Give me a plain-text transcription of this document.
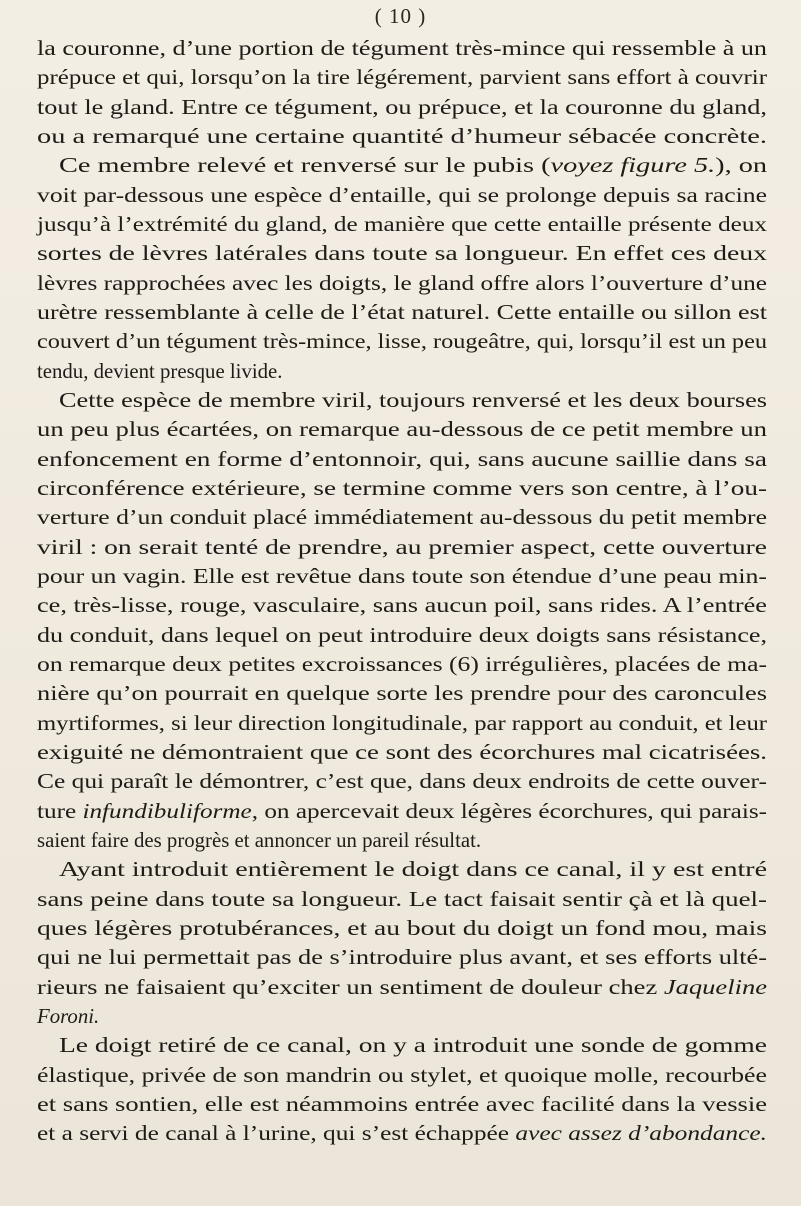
( 10 )
la couronne, d’une portion de tégument très-mince qui ressemble à un
prépuce et qui, lorsqu’on la tire légérement, parvient sans effort à couvrir
tout le gland. Entre ce tégument, ou prépuce, et la couronne du gland,
ou a remarqué une certaine quantité d’humeur sébacée concrète.
Ce membre relevé et renversé sur le pubis (voyez figure 5.), on
voit par-dessous une espèce d’entaille, qui se prolonge depuis sa racine
jusqu’à l’extrémité du gland, de manière que cette entaille présente deux
sortes de lèvres latérales dans toute sa longueur. En effet ces deux
lèvres rapprochées avec les doigts, le gland offre alors l’ouverture d’une
urètre ressemblante à celle de l’état naturel. Cette entaille ou sillon est
couvert d’un tégument très-mince, lisse, rougeâtre, qui, lorsqu’il est un peu
tendu, devient presque livide.
Cette espèce de membre viril, toujours renversé et les deux bourses
un peu plus écartées, on remarque au-dessous de ce petit membre un
enfoncement en forme d’entonnoir, qui, sans aucune saillie dans sa
circonférence extérieure, se termine comme vers son centre, à l’ou-
verture d’un conduit placé immédiatement au-dessous du petit membre
viril : on serait tenté de prendre, au premier aspect, cette ouverture
pour un vagin. Elle est revêtue dans toute son étendue d’une peau min-
ce, très-lisse, rouge, vasculaire, sans aucun poil, sans rides. A l’entrée
du conduit, dans lequel on peut introduire deux doigts sans résistance,
on remarque deux petites excroissances (6) irrégulières, placées de ma-
nière qu’on pourrait en quelque sorte les prendre pour des caroncules
myrtiformes, si leur direction longitudinale, par rapport au conduit, et leur
exiguité ne démontraient que ce sont des écorchures mal cicatrisées.
Ce qui paraît le démontrer, c’est que, dans deux endroits de cette ouver-
ture infundibuliforme, on apercevait deux légères écorchures, qui parais-
saient faire des progrès et annoncer un pareil résultat.
Ayant introduit entièrement le doigt dans ce canal, il y est entré
sans peine dans toute sa longueur. Le tact faisait sentir çà et là quel-
ques légères protubérances, et au bout du doigt un fond mou, mais
qui ne lui permettait pas de s’introduire plus avant, et ses efforts ulté-
rieurs ne faisaient qu’exciter un sentiment de douleur chez Jaqueline
Foroni.
Le doigt retiré de ce canal, on y a introduit une sonde de gomme
élastique, privée de son mandrin ou stylet, et quoique molle, recourbée
et sans sontien, elle est néammoins entrée avec facilité dans la vessie
et a servi de canal à l’urine, qui s’est échappée avec assez d’abondance.
